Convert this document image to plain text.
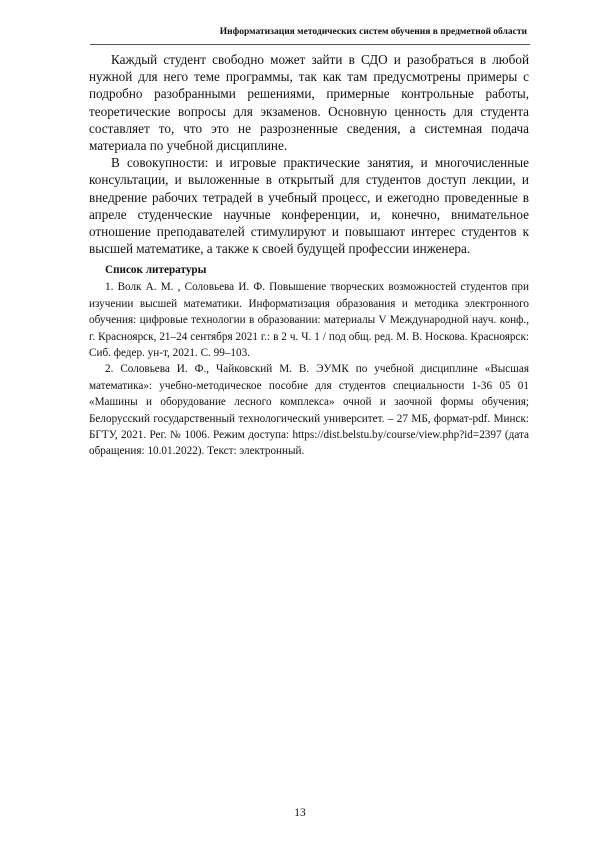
Информатизация методических систем обучения в предметной области

Каждый студент свободно может зайти в СДО и разобраться в любой нужной для него теме программы, так как там предусмотрены примеры с подробно разобранными решениями, примерные контрольные работы, теоретические вопросы для экзаменов. Основную ценность для студента составляет то, что это не разрозненные сведения, а системная подача материала по учебной дисциплине.

В совокупности: и игровые практические занятия, и многочисленные консультации, и выложенные в открытый для студентов доступ лекции, и внедрение рабочих тетрадей в учебный процесс, и ежегодно проведенные в апреле студенческие научные конференции, и, конечно, внимательное отношение преподавателей стимулируют и повышают интерес студентов к высшей математике, а также к своей будущей профессии инженера.

Список литературы

1. Волк А. М. , Соловьева И. Ф. Повышение творческих возможностей студентов при изучении высшей математики. Информатизация образования и методика электронного обучения: цифровые технологии в образовании: материалы V Международной науч. конф., г. Красноярск, 21–24 сентября 2021 г.: в 2 ч. Ч. 1 / под общ. ред. М. В. Носкова. Красноярск: Сиб. федер. ун-т, 2021. С. 99–103.

2. Соловьева И. Ф., Чайковский М. В. ЭУМК по учебной дисциплине «Высшая математика»: учебно-методическое пособие для студентов специальности 1-36 05 01 «Машины и оборудование лесного комплекса» очной и заочной формы обучения; Белорусский государственный технологический университет. – 27 МБ, формат-pdf. Минск: БГТУ, 2021. Рег. № 1006. Режим доступа: https://dist.belstu.by/course/view.php?id=2397 (дата обращения: 10.01.2022). Текст: электронный.

13
